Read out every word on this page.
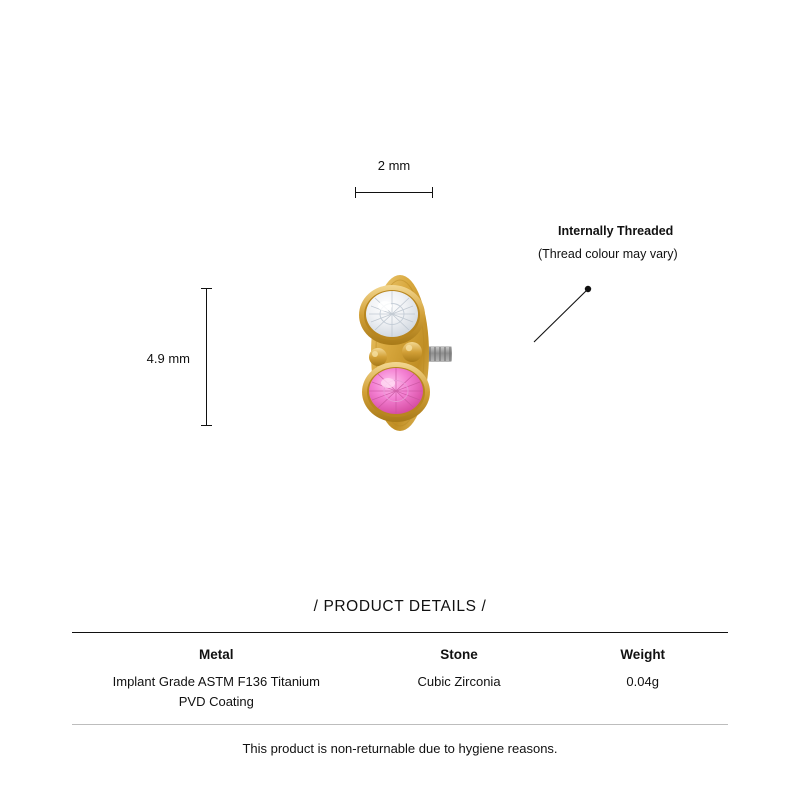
2 mm
4.9 mm
Internally Threaded
(Thread colour may vary)
/ PRODUCT DETAILS /
Metal
Implant Grade ASTM F136 Titanium
PVD Coating
Stone
Cubic Zirconia
Weight
0.04g
This product is non-returnable due to hygiene reasons.
